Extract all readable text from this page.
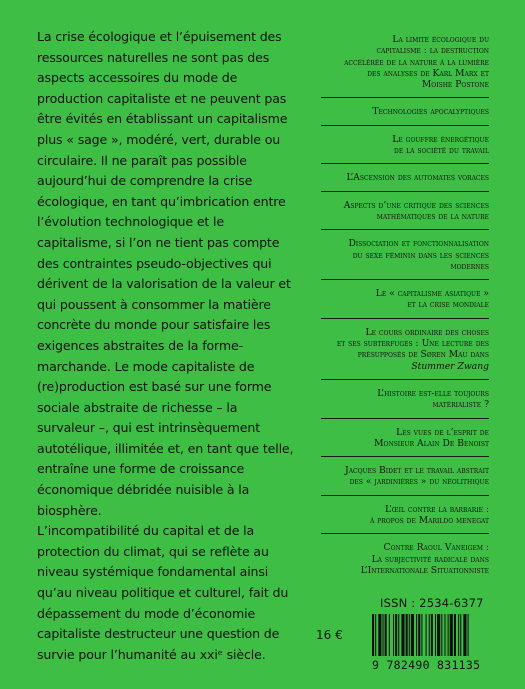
La crise écologique et l’épuisement des ressources naturelles ne sont pas des aspects accessoires du mode de production capitaliste et ne peuvent pas être évités en établissant un capitalisme plus « sage », modéré, vert, durable ou circulaire. Il ne paraît pas possible aujourd’hui de comprendre la crise écologique, en tant qu’imbrication entre l’évolution technologique et le capitalisme, si l’on ne tient pas compte des contraintes pseudo-objectives qui dérivent de la valorisation de la valeur et qui poussent à consommer la matière concrète du monde pour satisfaire les exigences abstraites de la forme-marchande. Le mode capitaliste de (re)production est basé sur une forme sociale abstraite de richesse – la survaleur –, qui est intrinsèquement autotélique, illimitée et, en tant que telle, entraîne une forme de croissance économique débridée nuisible à la biosphère.

L’incompatibilité du capital et de la protection du climat, qui se reflète au niveau systémique fondamental ainsi qu’au niveau politique et culturel, fait du dépassement du mode d’économie capitaliste destructeur une question de survie pour l’humanité au xxiᵉ siècle.

La limite écologique du
capitalisme : la destruction
accélérée de la nature à la lumière
des analyses de Karl Marx et
Moishe Postone
Technologies apocalyptiques
Le gouffre énergétique
de la société du travail
L’Ascension des automates voraces
Aspects d’une critique des sciences
mathématiques de la nature
Dissociation et fonctionnalisation
du sexe féminin dans les sciences
modernes
Le « capitalisme asiatique »
et la crise mondiale
Le cours ordinaire des choses
et ses subterfuges : Une lecture des
présupposés de Søren Mau dans
Stummer Zwang
L’histoire est-elle toujours
matérialiste ?
Les vues de l’esprit de
Monsieur Alain De Benoist
Jacques Bidet et le travail abstrait
des « jardinières » du néolithique
L’œil contre la barbarie :
à propos de Marildo menegat
Contre Raoul Vaneigem :
La subjectivité radicale dans
L’Internationale Situationniste
ISSN : 2534-6377
16 €
9 782490 831135
